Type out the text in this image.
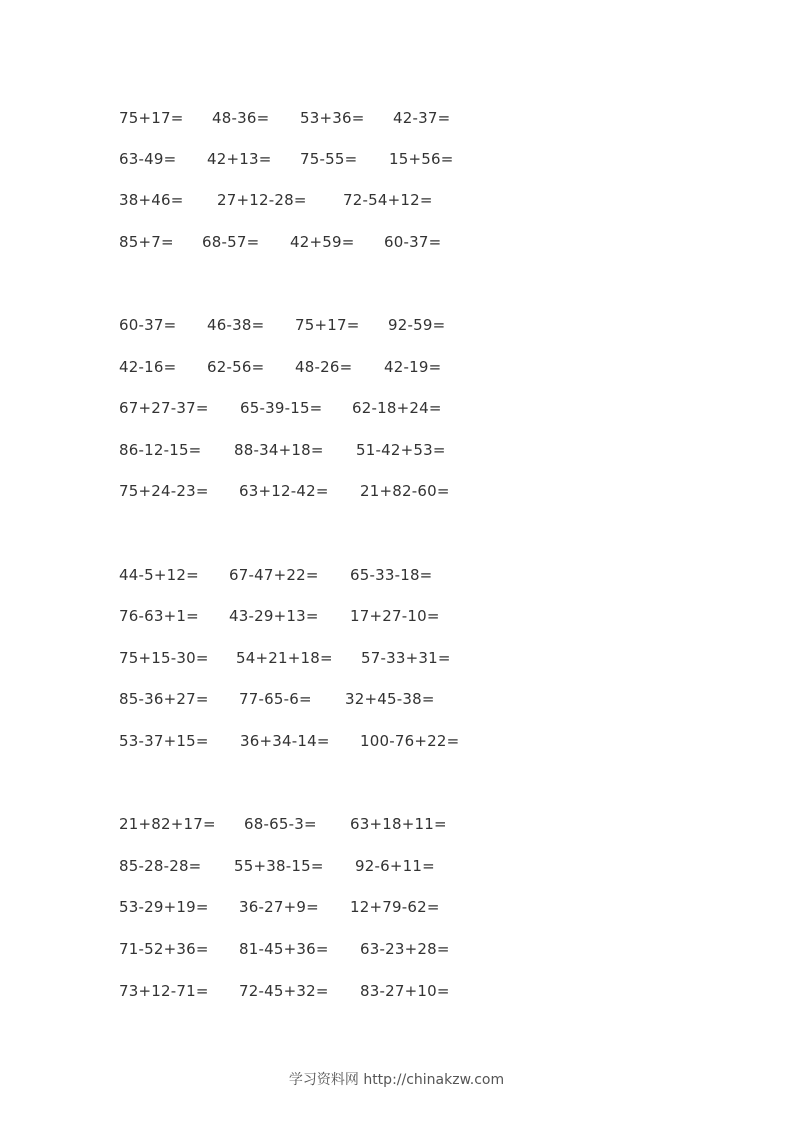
75+17= 48-36= 53+36= 42-37=
63-49= 42+13= 75-55= 15+56=
38+46= 27+12-28= 72-54+12=
85+7= 68-57= 42+59= 60-37=
60-37= 46-38= 75+17= 92-59=
42-16= 62-56= 48-26= 42-19=
67+27-37= 65-39-15= 62-18+24=
86-12-15= 88-34+18= 51-42+53=
75+24-23= 63+12-42= 21+82-60=
44-5+12= 67-47+22= 65-33-18=
76-63+1= 43-29+13= 17+27-10=
75+15-30= 54+21+18= 57-33+31=
85-36+27= 77-65-6= 32+45-38=
53-37+15= 36+34-14= 100-76+22=
21+82+17= 68-65-3= 63+18+11=
85-28-28= 55+38-15= 92-6+11=
53-29+19= 36-27+9= 12+79-62=
71-52+36= 81-45+36= 63-23+28=
73+12-71= 72-45+32= 83-27+10=
学习资料网 http://chinakzw.com
